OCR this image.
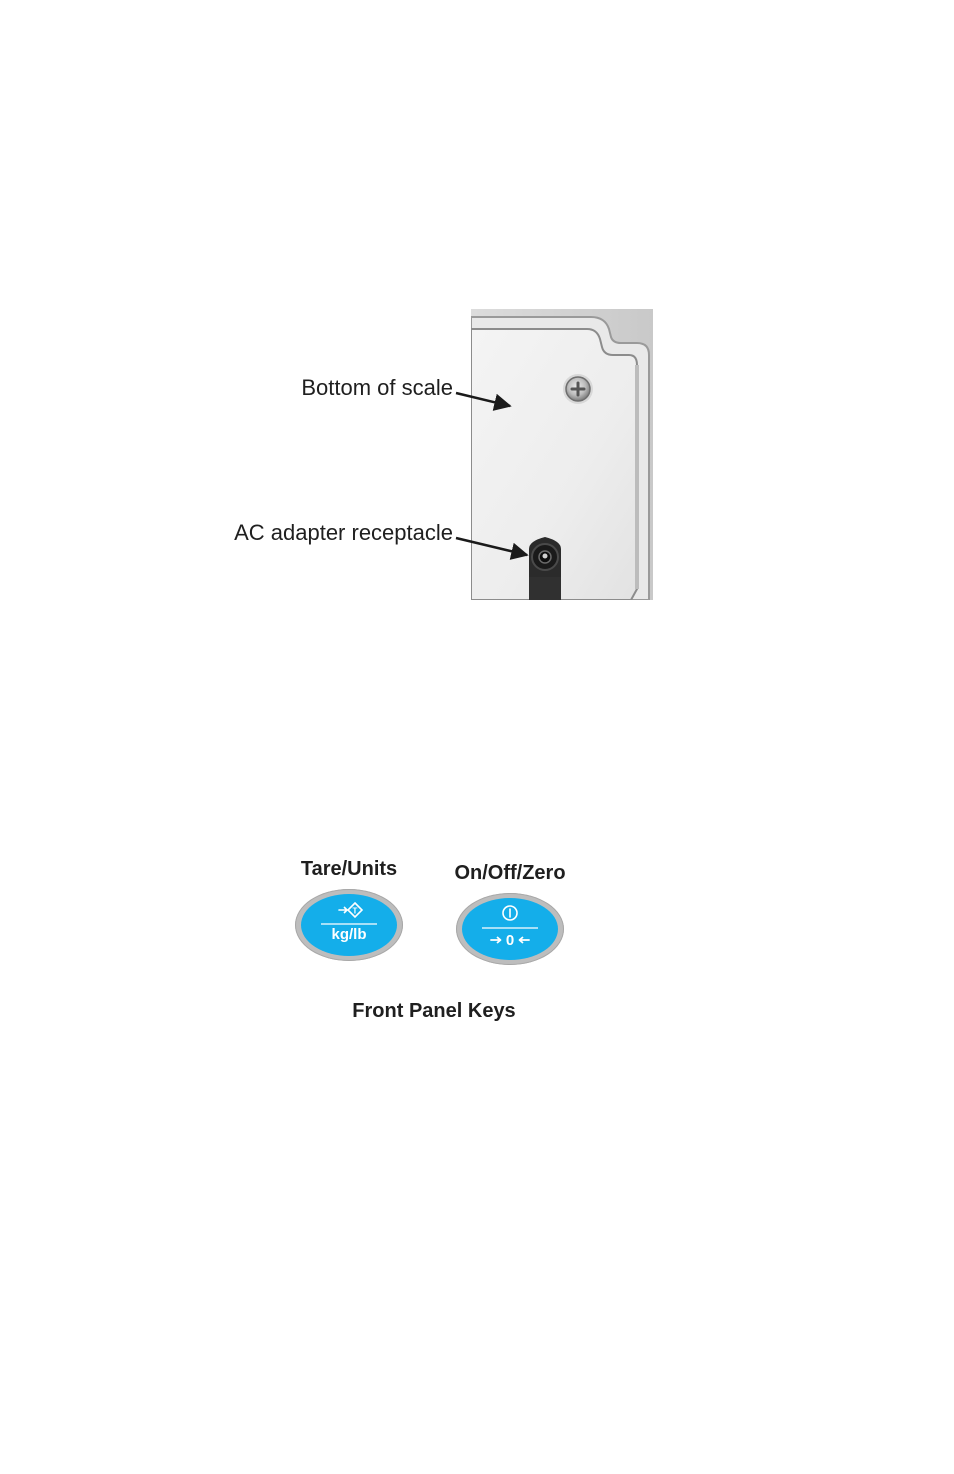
Bottom of scale
AC adapter receptacle
Tare/Units	On/Off/Zero
T
kg/lb	0
Front Panel Keys
